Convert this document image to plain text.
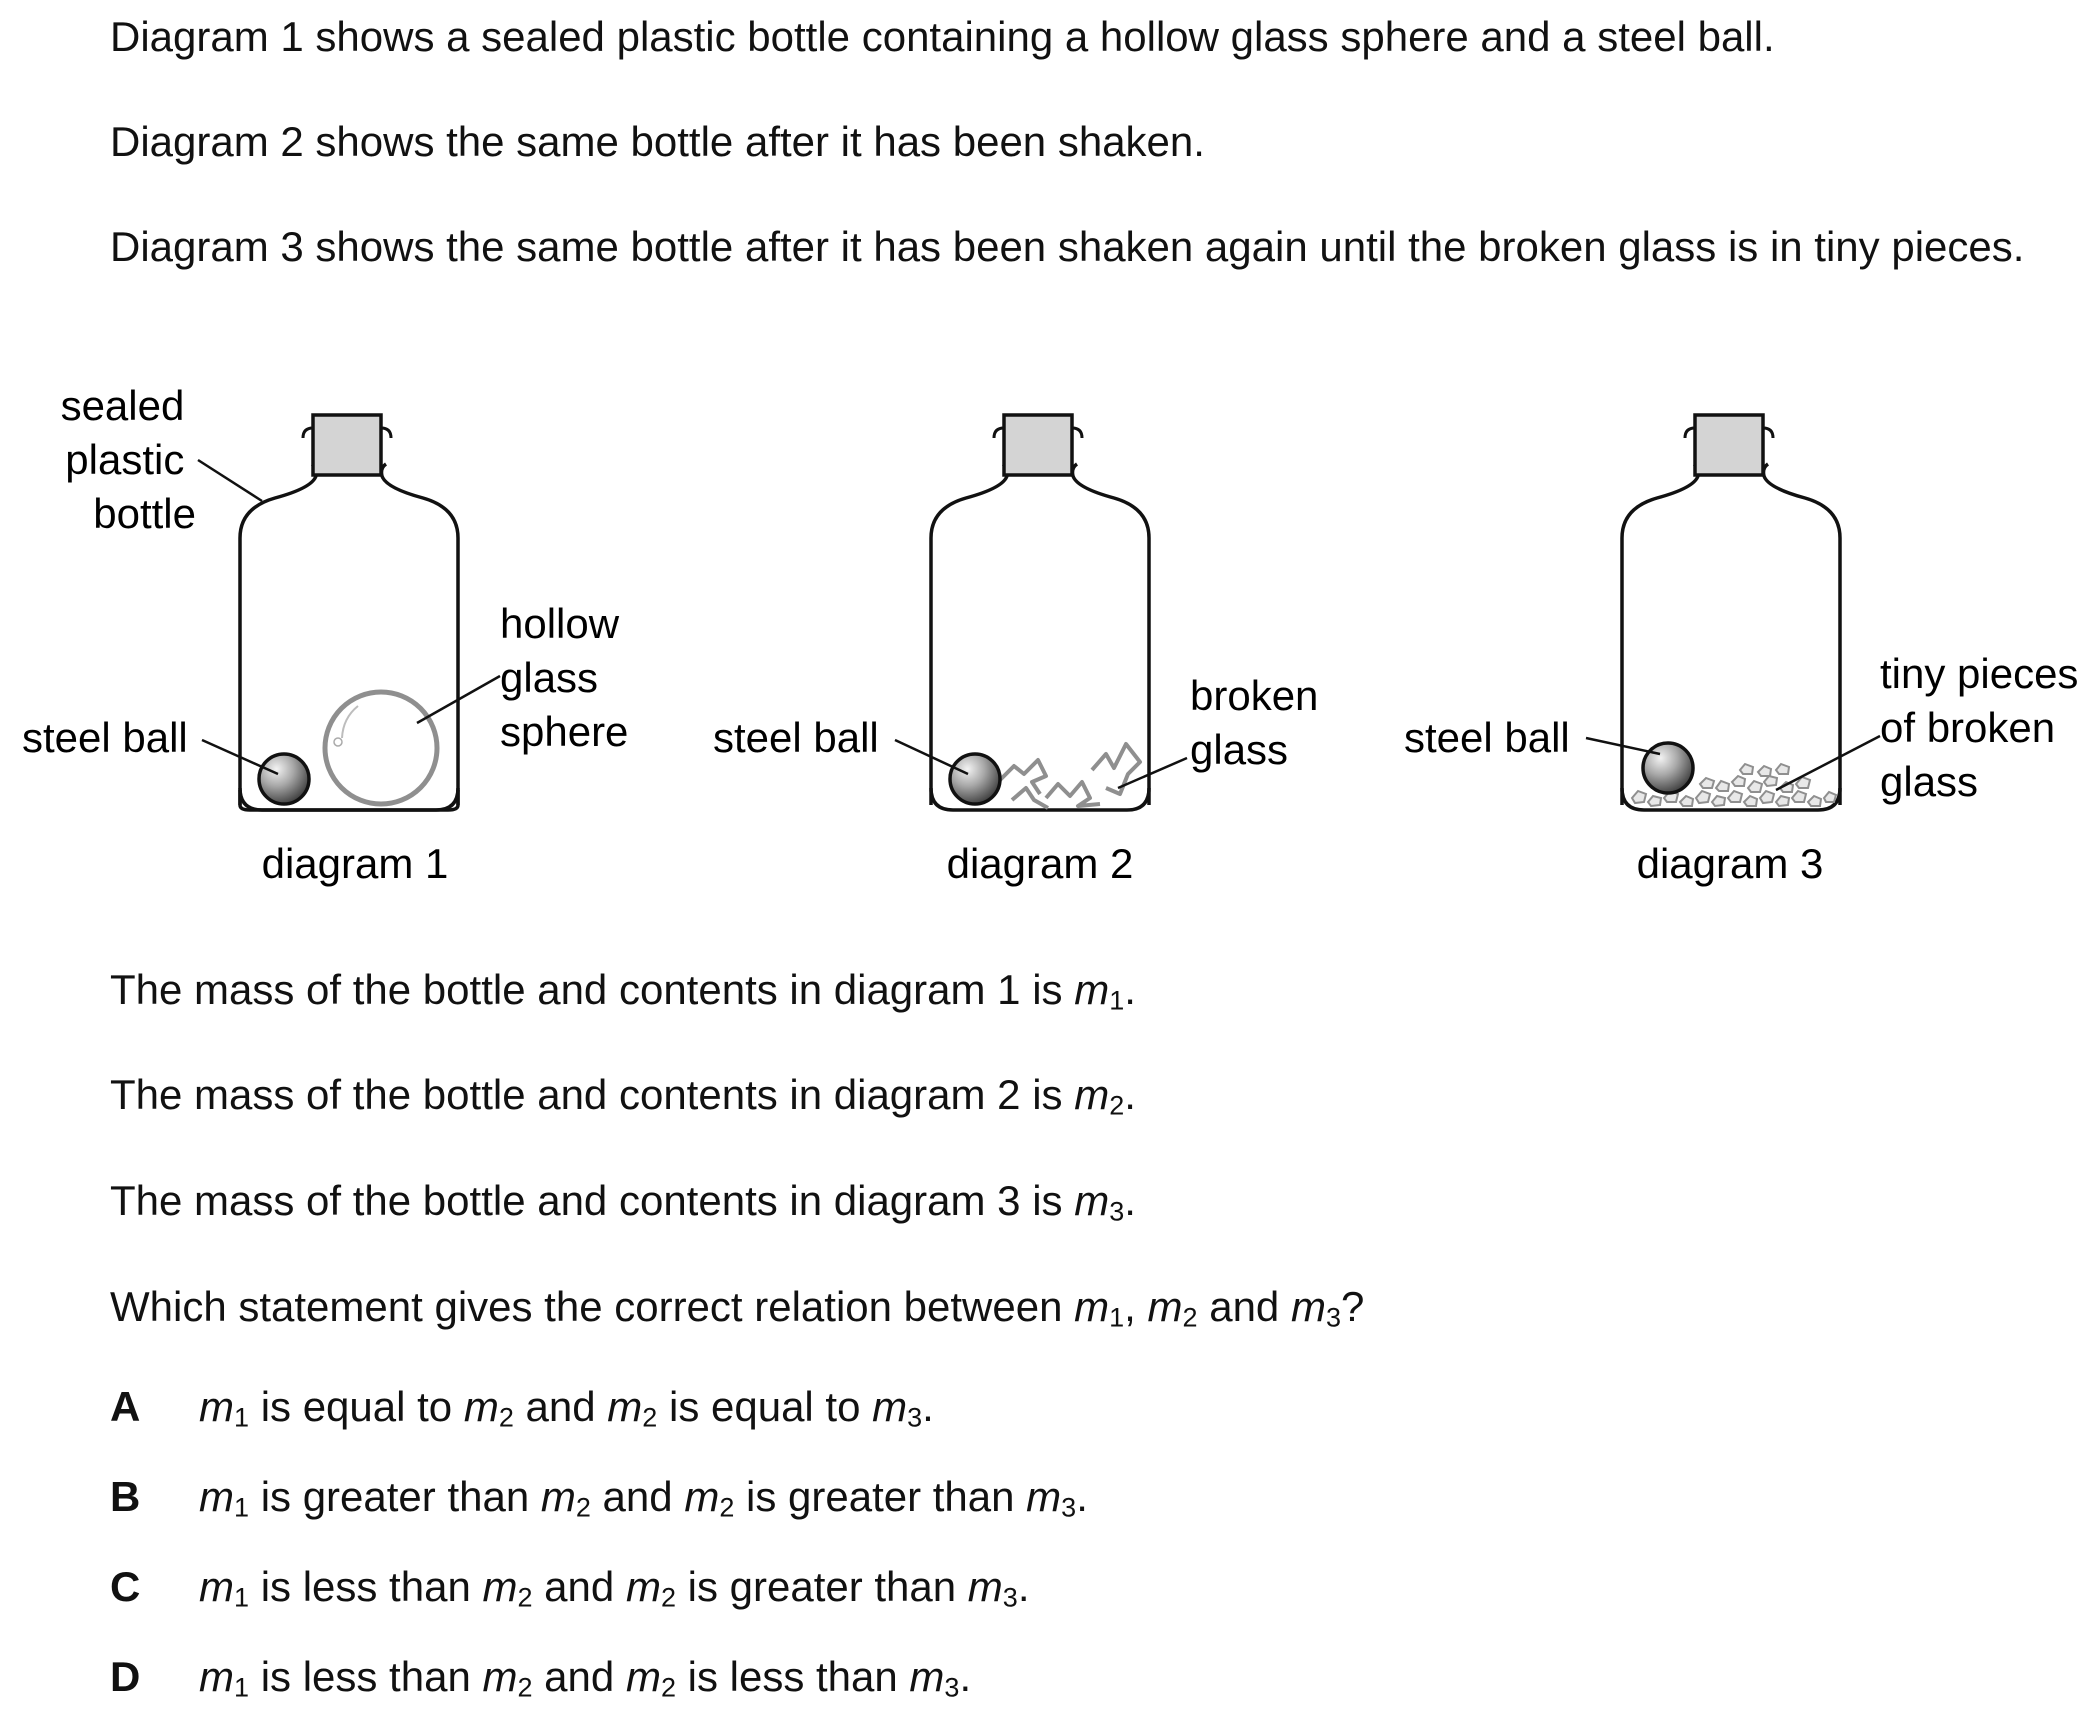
Diagram 1 shows a sealed plastic bottle containing a hollow glass sphere and a steel ball.

Diagram 2 shows the same bottle after it has been shaken.

Diagram 3 shows the same bottle after it has been shaken again until the broken glass is in tiny pieces.

sealed plastic bottle
steel ball
hollow glass sphere
diagram 1
steel ball
broken glass
diagram 2
steel ball
tiny pieces of broken glass
diagram 3

The mass of the bottle and contents in diagram 1 is $m_1$.

The mass of the bottle and contents in diagram 2 is $m_2$.

The mass of the bottle and contents in diagram 3 is $m_3$.

Which statement gives the correct relation between $m_1$, $m_2$ and $m_3$?

A $m_1$ is equal to $m_2$ and $m_2$ is equal to $m_3$.
B $m_1$ is greater than $m_2$ and $m_2$ is greater than $m_3$.
C $m_1$ is less than $m_2$ and $m_2$ is greater than $m_3$.
D $m_1$ is less than $m_2$ and $m_2$ is less than $m_3$.
